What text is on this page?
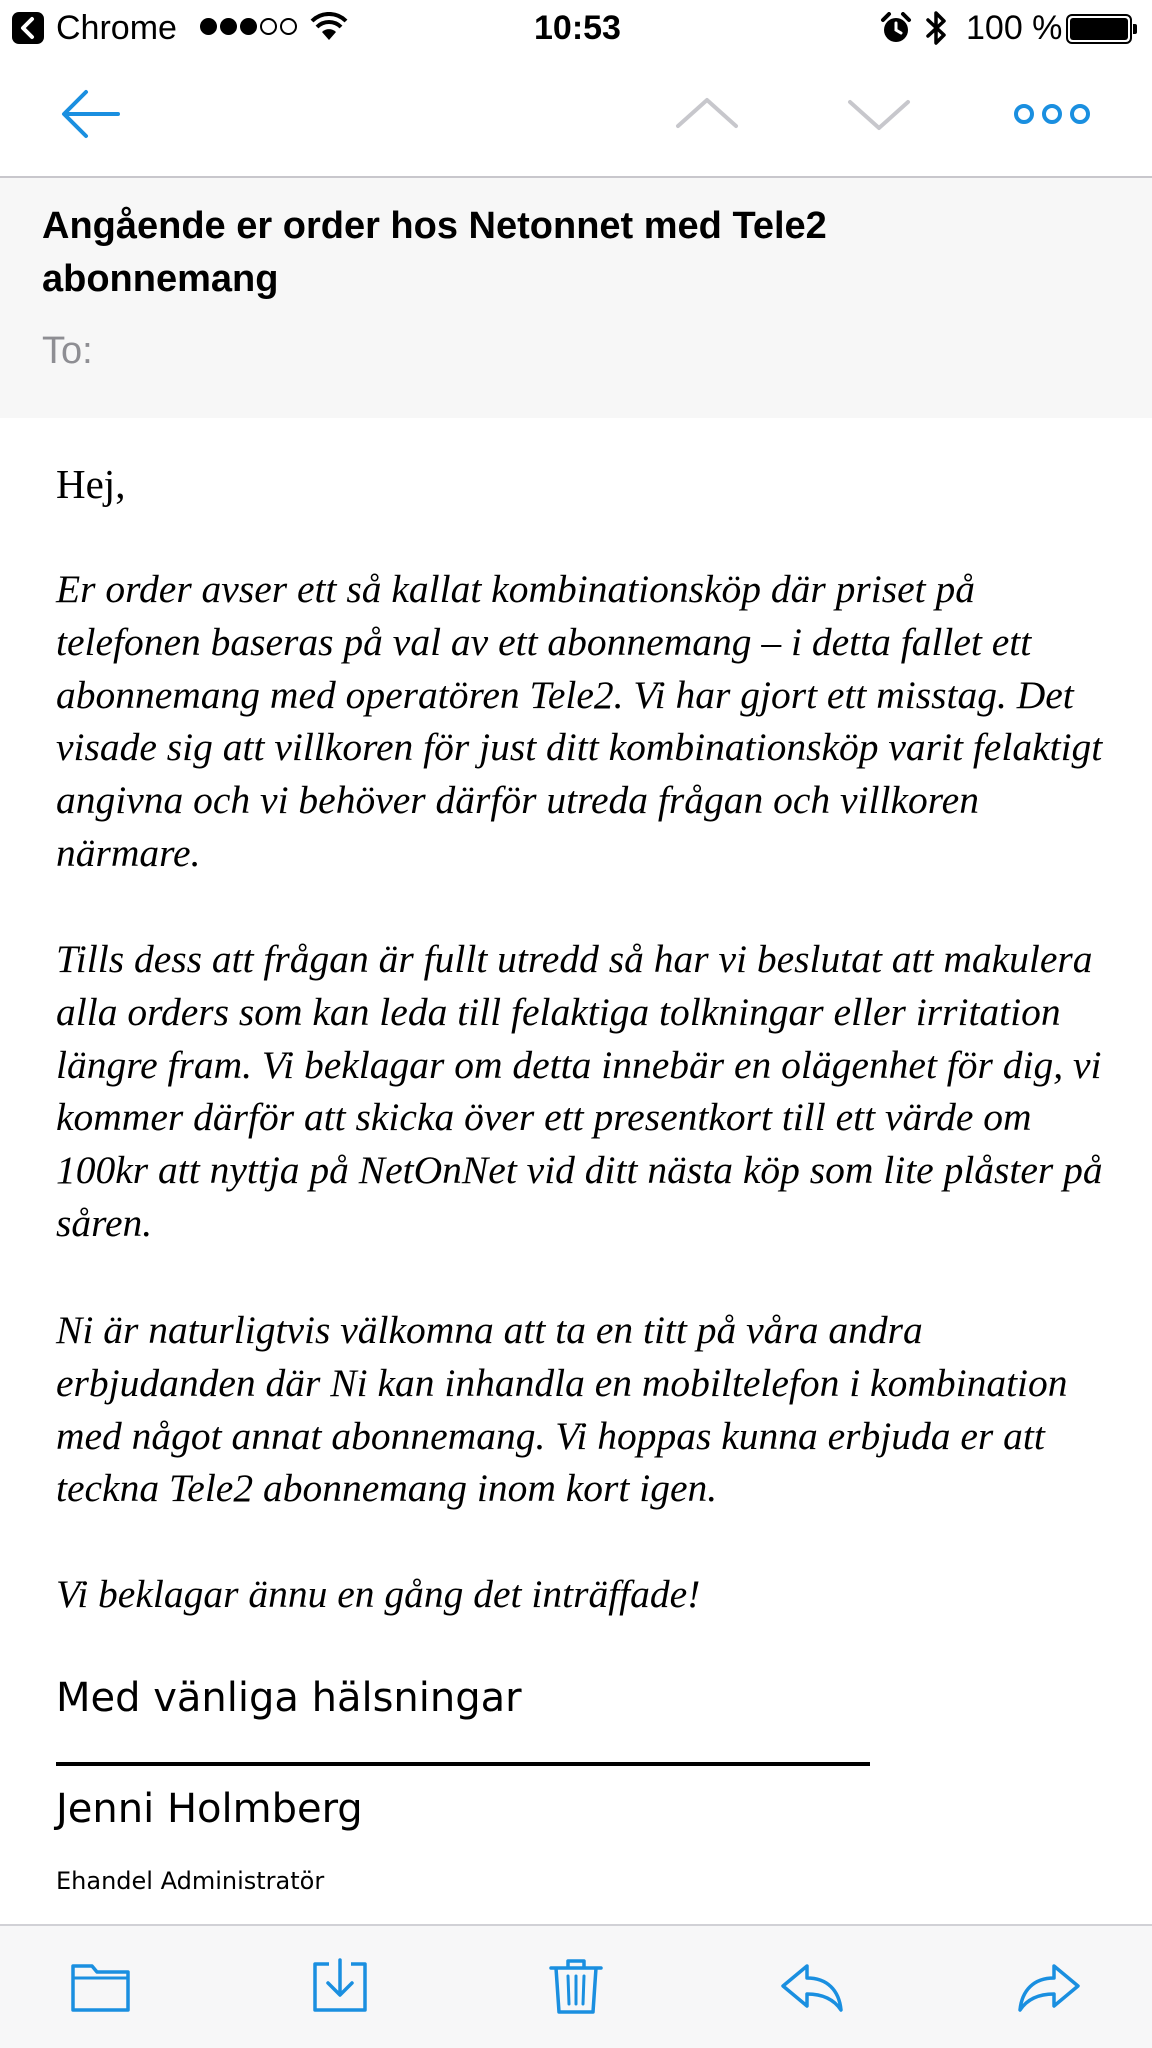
Chrome	10:53	100 %
Angående er order hos Netonnet med Tele2 abonnemang
To:
Hej,
Er order avser ett så kallat kombinationsköp där priset på telefonen baseras på val av ett abonnemang – i detta fallet ett abonnemang med operatören Tele2. Vi har gjort ett misstag. Det visade sig att villkoren för just ditt kombinationsköp varit felaktigt angivna och vi behöver därför utreda frågan och villkoren närmare.
Tills dess att frågan är fullt utredd så har vi beslutat att makulera alla orders som kan leda till felaktiga tolkningar eller irritation längre fram. Vi beklagar om detta innebär en olägenhet för dig, vi kommer därför att skicka över ett presentkort till ett värde om 100kr att nyttja på NetOnNet vid ditt nästa köp som lite plåster på såren.
Ni är naturligtvis välkomna att ta en titt på våra andra erbjudanden där Ni kan inhandla en mobiltelefon i kombination med något annat abonnemang. Vi hoppas kunna erbjuda er att teckna Tele2 abonnemang inom kort igen.
Vi beklagar ännu en gång det inträffade!
Med vänliga hälsningar
Jenni Holmberg
Ehandel Administratör
